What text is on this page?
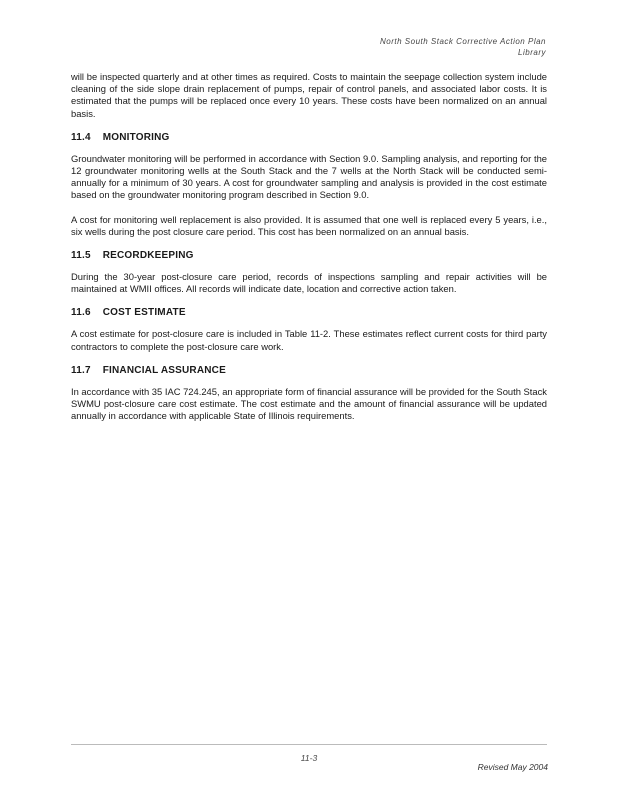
North South Stack Corrective Action Plan
Library

will be inspected quarterly and at other times as required. Costs to maintain the seepage collection system include cleaning of the side slope drain replacement of pumps, repair of control panels, and associated labor costs. It is estimated that the pumps will be replaced once every 10 years. These costs have been normalized on an annual basis.

11.4 MONITORING

Groundwater monitoring will be performed in accordance with Section 9.0. Sampling analysis, and reporting for the 12 groundwater monitoring wells at the South Stack and the 7 wells at the North Stack will be conducted semi-annually for a minimum of 30 years. A cost for groundwater sampling and analysis is provided in the cost estimate based on the groundwater monitoring program described in Section 9.0.

A cost for monitoring well replacement is also provided. It is assumed that one well is replaced every 5 years, i.e., six wells during the post closure care period. This cost has been normalized on an annual basis.

11.5 RECORDKEEPING

During the 30-year post-closure care period, records of inspections sampling and repair activities will be maintained at WMII offices. All records will indicate date, location and corrective action taken.

11.6 COST ESTIMATE

A cost estimate for post-closure care is included in Table 11-2. These estimates reflect current costs for third party contractors to complete the post-closure care work.

11.7 FINANCIAL ASSURANCE

In accordance with 35 IAC 724.245, an appropriate form of financial assurance will be provided for the South Stack SWMU post-closure care cost estimate. The cost estimate and the amount of financial assurance will be updated annually in accordance with applicable State of Illinois requirements.

11-3
Revised May 2004
